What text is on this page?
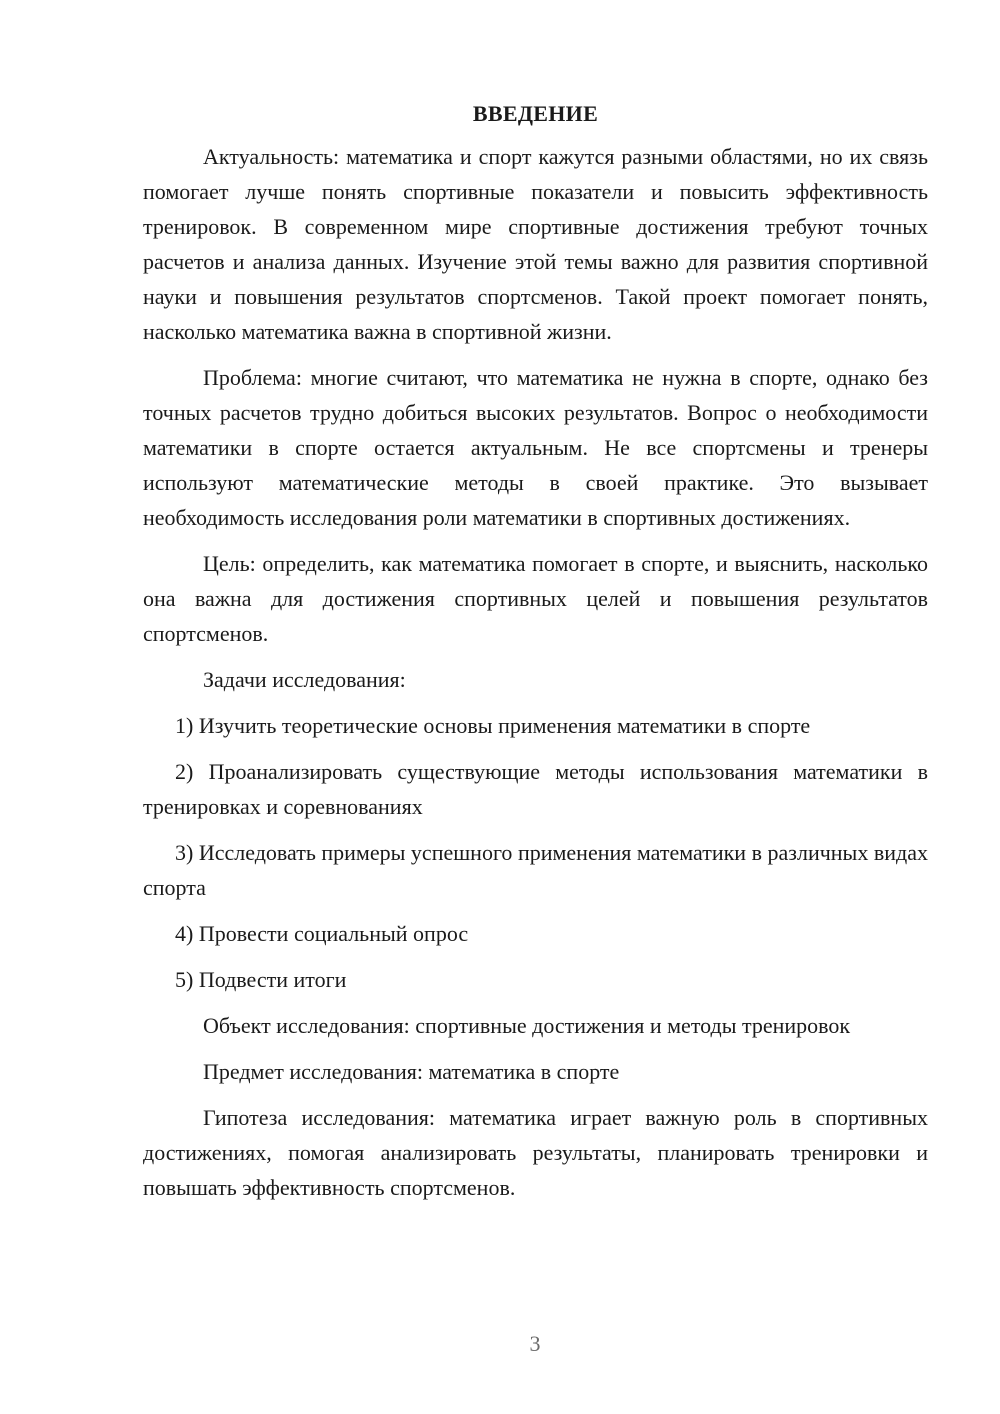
ВВЕДЕНИЕ

Актуальность: математика и спорт кажутся разными областями, но их связь помогает лучше понять спортивные показатели и повысить эффективность тренировок. В современном мире спортивные достижения требуют точных расчетов и анализа данных. Изучение этой темы важно для развития спортивной науки и повышения результатов спортсменов. Такой проект помогает понять, насколько математика важна в спортивной жизни.

Проблема: многие считают, что математика не нужна в спорте, однако без точных расчетов трудно добиться высоких результатов. Вопрос о необходимости математики в спорте остается актуальным. Не все спортсмены и тренеры используют математические методы в своей практике. Это вызывает необходимость исследования роли математики в спортивных достижениях.

Цель: определить, как математика помогает в спорте, и выяснить, насколько она важна для достижения спортивных целей и повышения результатов спортсменов.

Задачи исследования:

1) Изучить теоретические основы применения математики в спорте

2) Проанализировать существующие методы использования математики в тренировках и соревнованиях

3) Исследовать примеры успешного применения математики в различных видах спорта

4) Провести социальный опрос

5) Подвести итоги

Объект исследования: спортивные достижения и методы тренировок

Предмет исследования: математика в спорте

Гипотеза исследования: математика играет важную роль в спортивных достижениях, помогая анализировать результаты, планировать тренировки и повышать эффективность спортсменов.

3
